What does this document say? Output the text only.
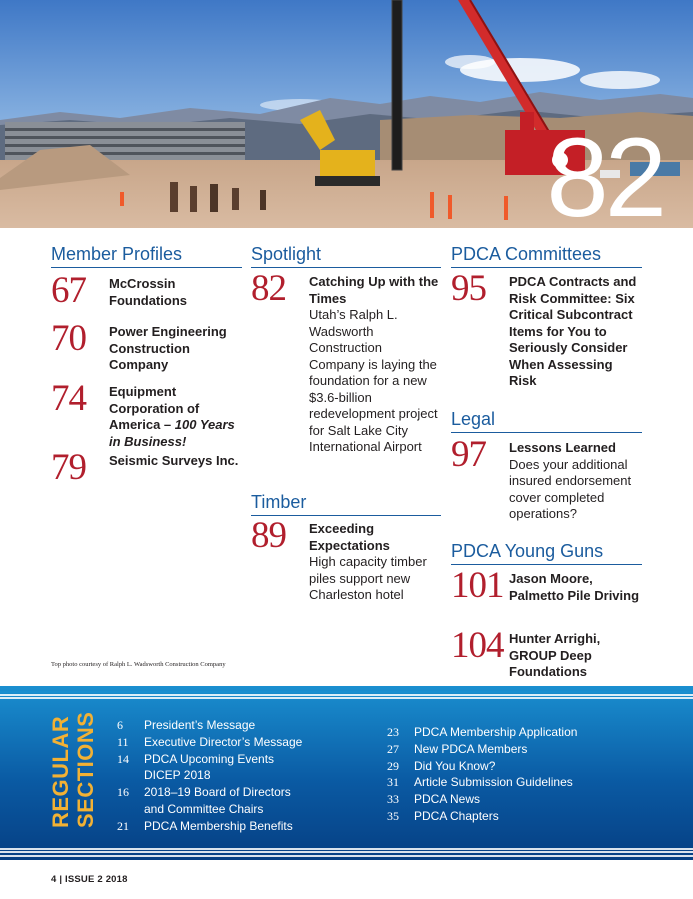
82
Member Profiles
67 McCrossin Foundations
70 Power Engineering Construction Company
74 Equipment Corporation of America – 100 Years in Business!
79 Seismic Surveys Inc.
Spotlight
82 Catching Up with the Times
Utah’s Ralph L. Wadsworth Construction Company is laying the foundation for a new $3.6-billion redevelopment project for Salt Lake City International Airport
Timber
89 Exceeding Expectations
High capacity timber piles support new Charleston hotel
PDCA Committees
95 PDCA Contracts and Risk Committee: Six Critical Subcontract Items for You to Seriously Consider When Assessing Risk
Legal
97 Lessons Learned
Does your additional insured endorsement cover completed operations?
PDCA Young Guns
101 Jason Moore, Palmetto Pile Driving
104 Hunter Arrighi, GROUP Deep Foundations
Top photo courtesy of Ralph L. Wadsworth Construction Company
REGULAR SECTIONS 6	President’s Message
11	Executive Director’s Message
14	PDCA Upcoming Events
DICEP 2018
16	2018–19 Board of Directors
and Committee Chairs
21	PDCA Membership Benefits
23	PDCA Membership Application
27	New PDCA Members
29	Did You Know?
31	Article Submission Guidelines
33	PDCA News
35	PDCA Chapters
4 | ISSUE 2 2018
